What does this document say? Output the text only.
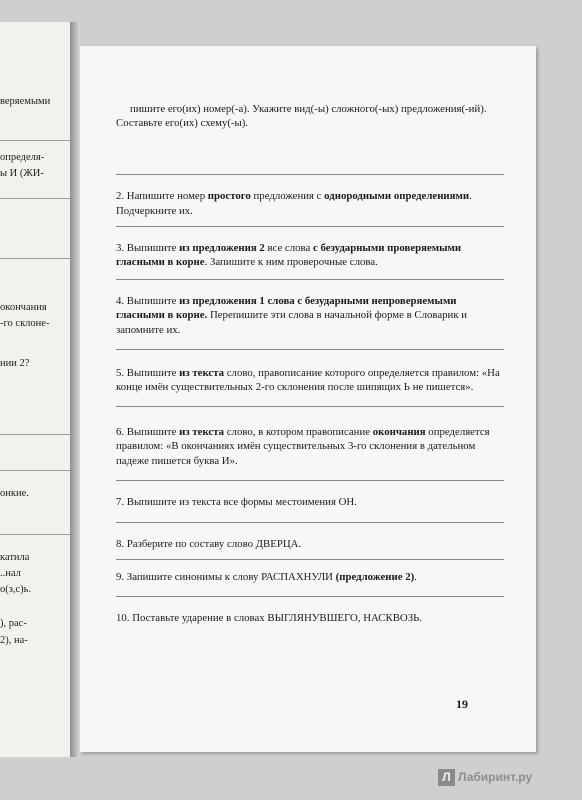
веряемыми
определя-
ы И (ЖИ-
окончания
-го склоне-
нии 2?
онкие.
катила
..нал
о(з,с)ь.
), рас-
2), на-

пишите его(их) номер(-а). Укажите вид(-ы) сложного(-ых) предложения(-ий). Составьте его(их) схему(-ы).

2. Напишите номер простого предложения с однородными определениями. Подчеркните их.

3. Выпишите из предложения 2 все слова с безударными проверяемыми гласными в корне. Запишите к ним проверочные слова.

4. Выпишите из предложения 1 слова с безударными непроверяемыми гласными в корне. Перепишите эти слова в начальной форме в Словарик и запомните их.

5. Выпишите из текста слово, правописание которого определяется правилом: «На конце имён существительных 2-го склонения после шипящих Ь не пишется».

6. Выпишите из текста слово, в котором правописание окончания определяется правилом: «В окончаниях имён существительных 3-го склонения в дательном падеже пишется буква И».

7. Выпишите из текста все формы местоимения ОН.

8. Разберите по составу слово ДВЕРЦА.

9. Запишите синонимы к слову РАСПАХНУЛИ (предложение 2).

10. Поставьте ударение в словах ВЫГЛЯНУВШЕГО, НАСКВОЗЬ.

19
Л Лабиринт.ру
